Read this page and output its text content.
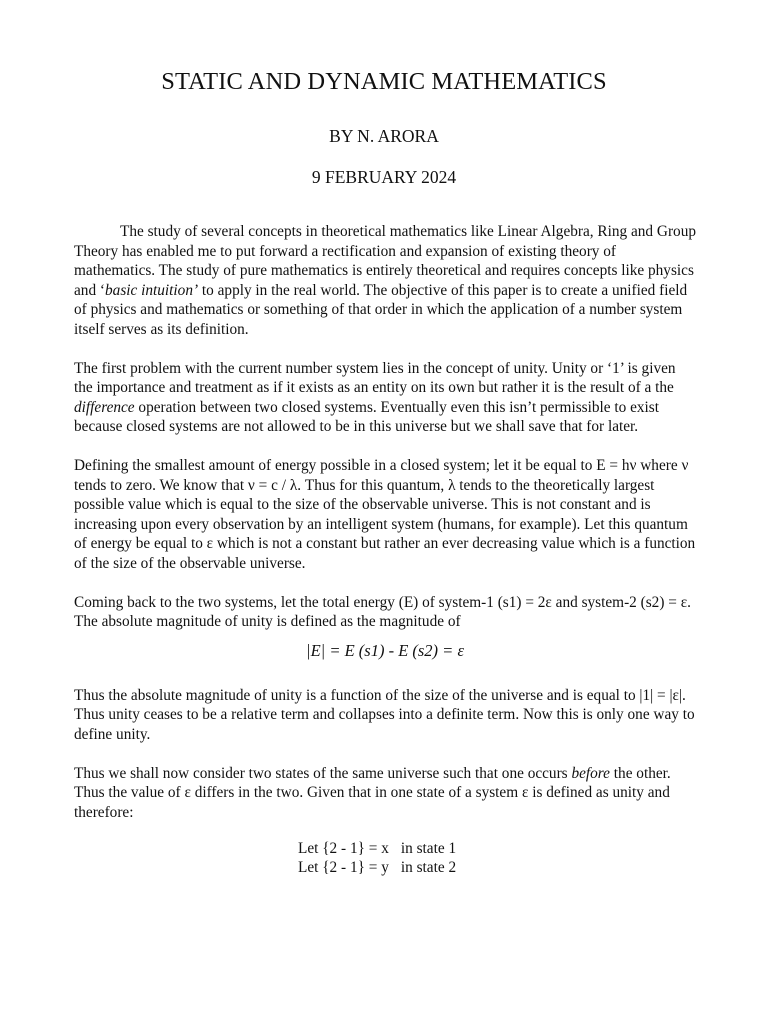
STATIC AND DYNAMIC MATHEMATICS
BY N. ARORA
9 FEBRUARY 2024

The study of several concepts in theoretical mathematics like Linear Algebra, Ring and Group Theory has enabled me to put forward a rectification and expansion of existing theory of mathematics. The study of pure mathematics is entirely theoretical and requires concepts like physics and ‘basic intuition’ to apply in the real world. The objective of this paper is to create a unified field of physics and mathematics or something of that order in which the application of a number system itself serves as its definition.

The first problem with the current number system lies in the concept of unity. Unity or ‘1’ is given the importance and treatment as if it exists as an entity on its own but rather it is the result of a the difference operation between two closed systems. Eventually even this isn’t permissible to exist because closed systems are not allowed to be in this universe but we shall save that for later.

Defining the smallest amount of energy possible in a closed system; let it be equal to E = hν where ν tends to zero. We know that ν = c / λ. Thus for this quantum, λ tends to the theoretically largest possible value which is equal to the size of the observable universe. This is not constant and is increasing upon every observation by an intelligent system (humans, for example). Let this quantum of energy be equal to ε which is not a constant but rather an ever decreasing value which is a function of the size of the observable universe.

Coming back to the two systems, let the total energy (E) of system-1 (s1) = 2ε and system-2 (s2) = ε. The absolute magnitude of unity is defined as the magnitude of

|E| = E (s1) - E (s2) = ε

Thus the absolute magnitude of unity is a function of the size of the universe and is equal to |1| = |ε|. Thus unity ceases to be a relative term and collapses into a definite term. Now this is only one way to define unity.

Thus we shall now consider two states of the same universe such that one occurs before the other. Thus the value of ε differs in the two. Given that in one state of a system ε is defined as unity and therefore:

Let {2 - 1} = x in state 1
Let {2 - 1} = y in state 2
